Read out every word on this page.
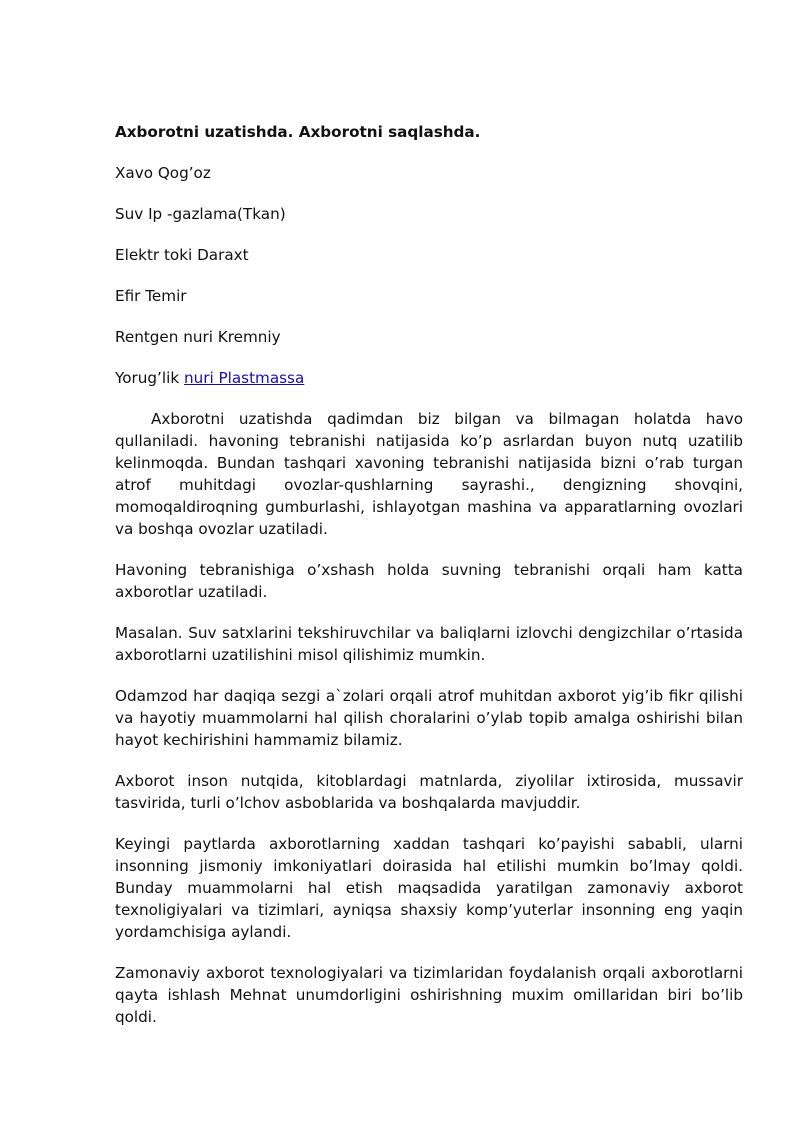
Axborotni uzatishda. Axborotni saqlashda.

Xavo Qog’oz

Suv Ip -gazlama(Tkan)

Elektr toki Daraxt

Efir Temir

Rentgen nuri Kremniy

Yorug’lik nuri Plastmassa

Axborotni uzatishda qadimdan biz bilgan va bilmagan holatda havo qullaniladi. havoning tebranishi natijasida ko’p asrlardan buyon nutq uzatilib kelinmoqda. Bundan tashqari xavoning tebranishi natijasida bizni o’rab turgan atrof muhitdagi ovozlar-qushlarning sayrashi., dengizning shovqini, momoqaldiroqning gumburlashi, ishlayotgan mashina va apparatlarning ovozlari va boshqa ovozlar uzatiladi.

Havoning tebranishiga o’xshash holda suvning tebranishi orqali ham katta axborotlar uzatiladi.

Masalan. Suv satxlarini tekshiruvchilar va baliqlarni izlovchi dengizchilar o’rtasida axborotlarni uzatilishini misol qilishimiz mumkin.

Odamzod har daqiqa sezgi a`zolari orqali atrof muhitdan axborot yig’ib fikr qilishi va hayotiy muammolarni hal qilish choralarini o’ylab topib amalga oshirishi bilan hayot kechirishini hammamiz bilamiz.

Axborot inson nutqida, kitoblardagi matnlarda, ziyolilar ixtirosida, mussavir tasvirida, turli o’lchov asboblarida va boshqalarda mavjuddir.

Keyingi paytlarda axborotlarning xaddan tashqari ko’payishi sababli, ularni insonning jismoniy imkoniyatlari doirasida hal etilishi mumkin bo’lmay qoldi. Bunday muammolarni hal etish maqsadida yaratilgan zamonaviy axborot texnoligiyalari va tizimlari, ayniqsa shaxsiy komp’yuterlar insonning eng yaqin yordamchisiga aylandi.

Zamonaviy axborot texnologiyalari va tizimlaridan foydalanish orqali axborotlarni qayta ishlash Mehnat unumdorligini oshirishning muxim omillaridan biri bo’lib qoldi.
